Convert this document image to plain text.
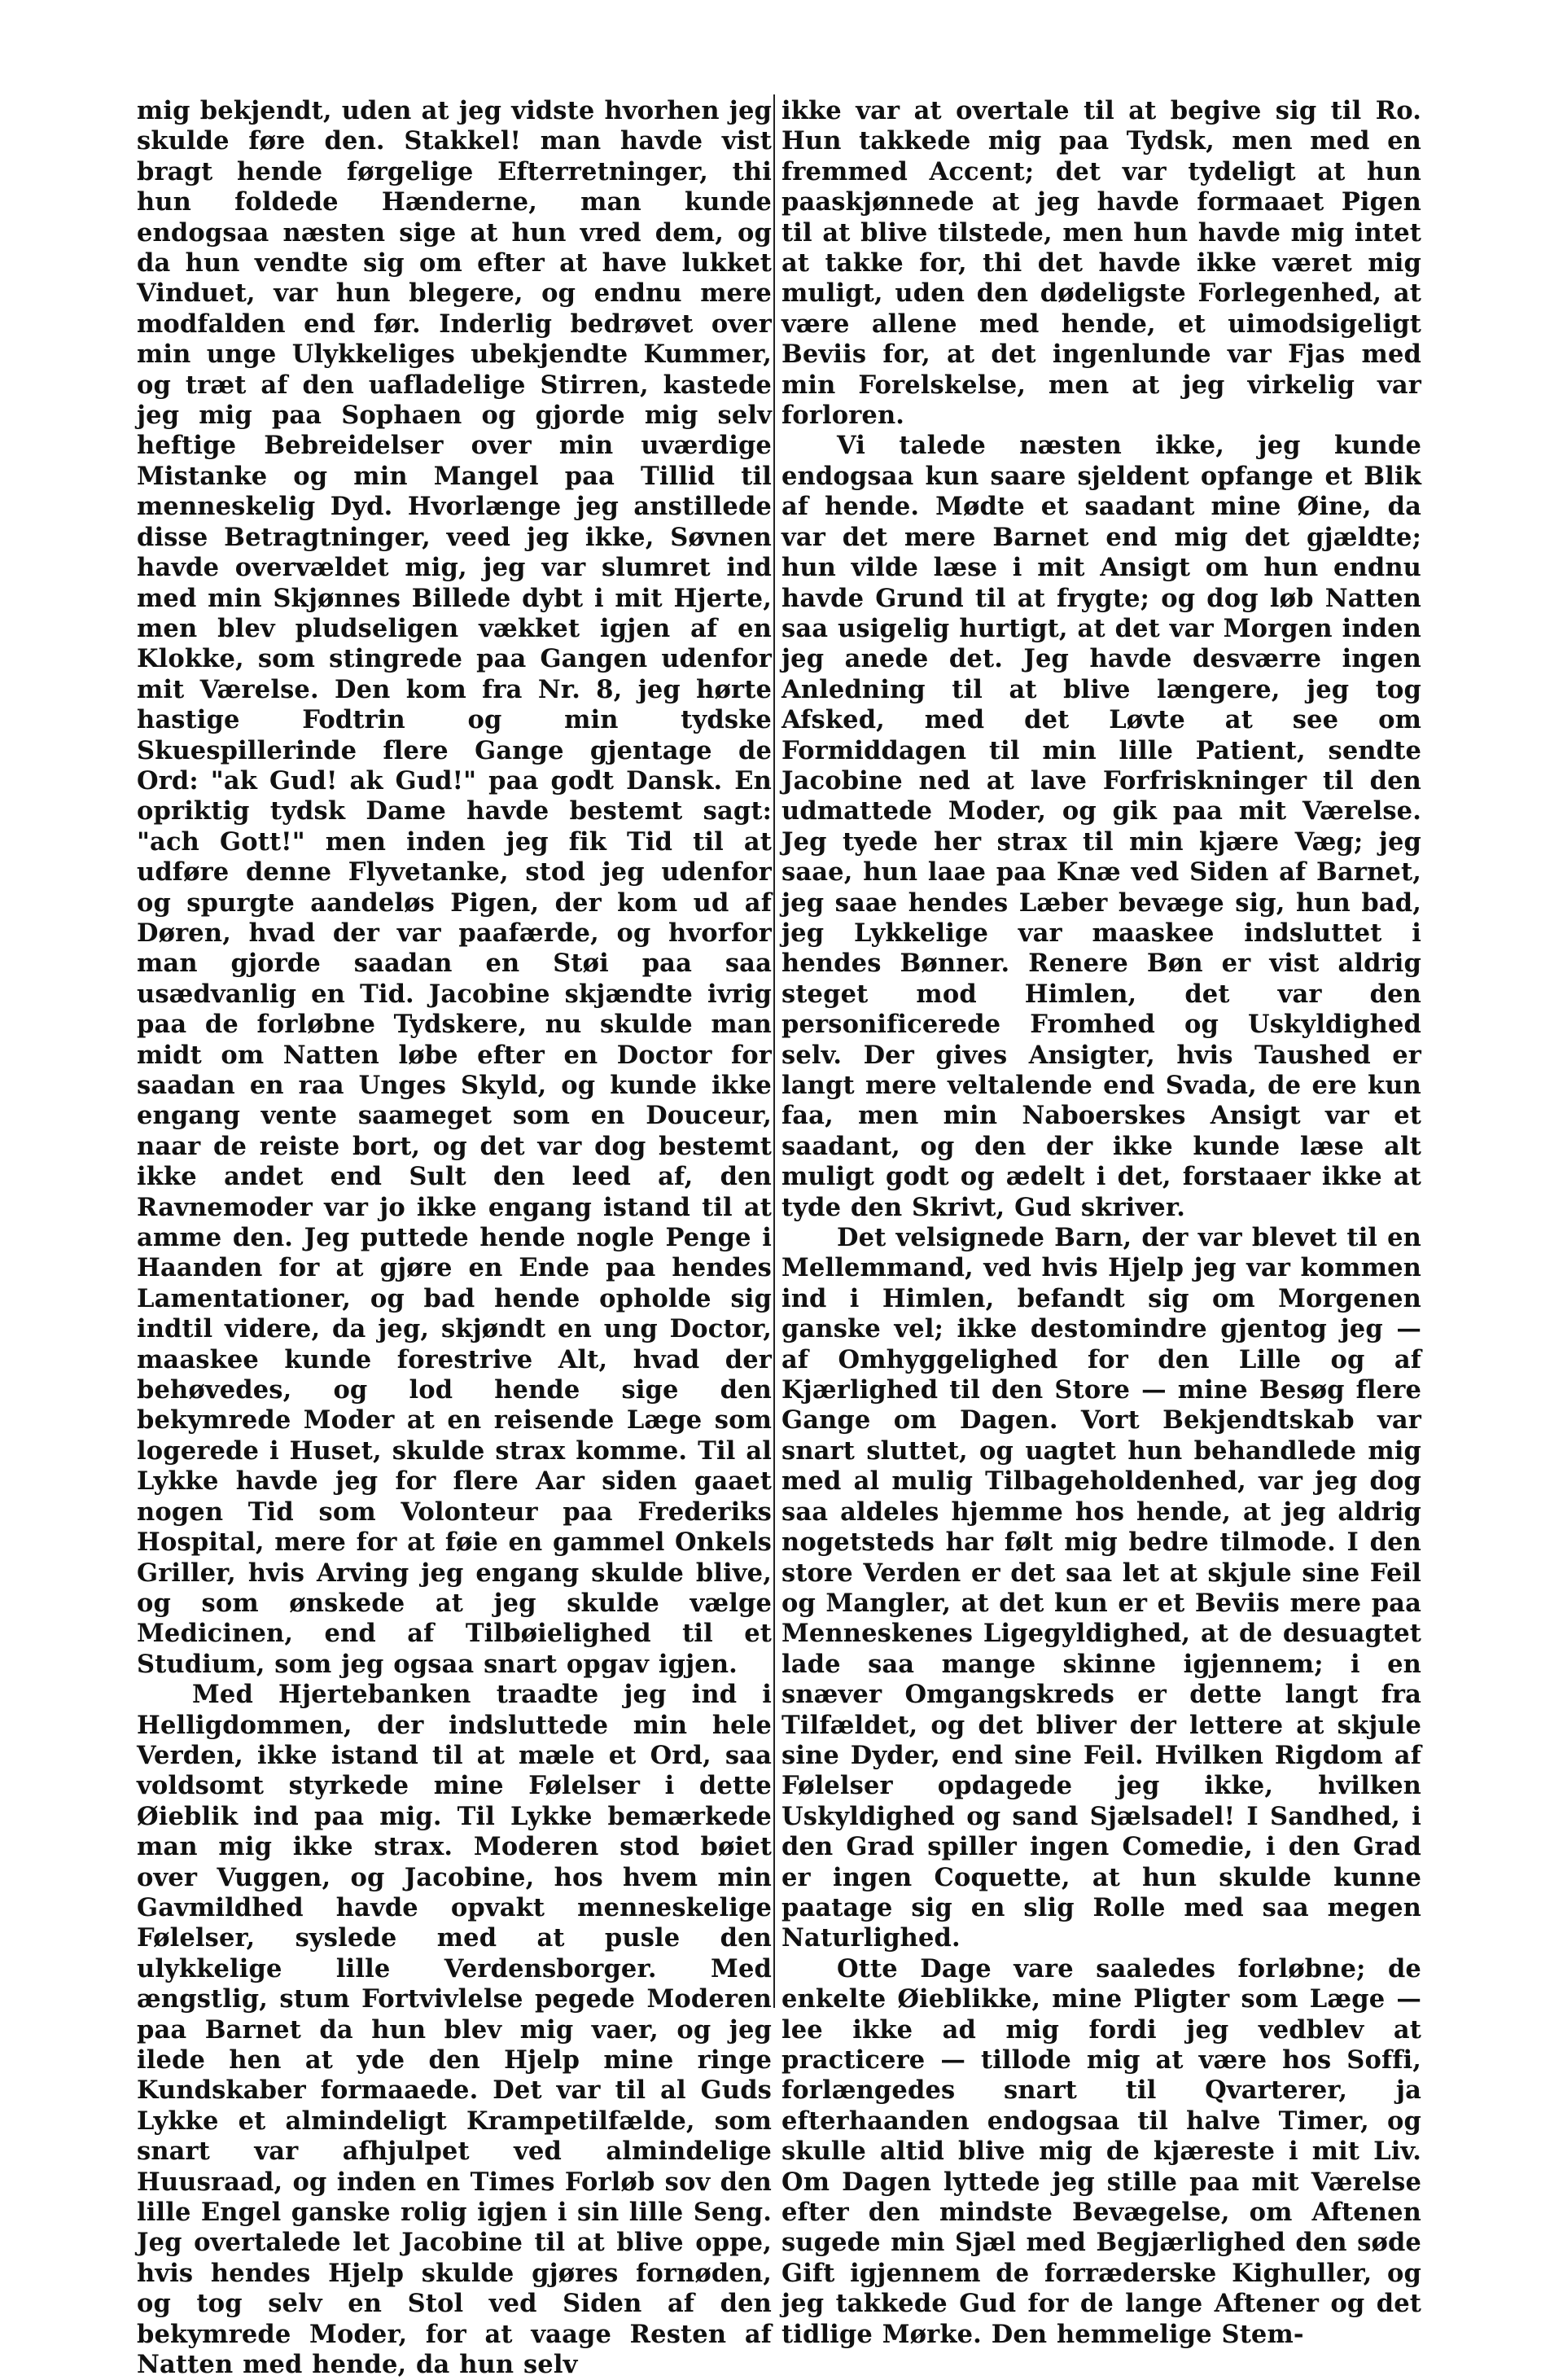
mig bekjendt, uden at jeg vidste hvorhen jeg skulde føre den. Stakkel! man havde vist bragt hende førgelige Efterretninger, thi hun foldede Hænderne, man kunde endogsaa næsten sige at hun vred dem, og da hun vendte sig om efter at have lukket Vinduet, var hun blegere, og endnu mere modfalden end før. Inderlig bedrøvet over min unge Ulykkeliges ubekjendte Kummer, og træt af den uafladelige Stirren, kastede jeg mig paa Sophaen og gjorde mig selv heftige Bebreidelser over min uværdige Mistanke og min Mangel paa Tillid til menneskelig Dyd. Hvorlænge jeg anstillede disse Betragtninger, veed jeg ikke, Søvnen havde overvældet mig, jeg var slumret ind med min Skjønnes Billede dybt i mit Hjerte, men blev pludseligen vækket igjen af en Klokke, som stingrede paa Gangen udenfor mit Værelse. Den kom fra Nr. 8, jeg hørte hastige Fodtrin og min tydske Skuespillerinde flere Gange gjentage de Ord: "ak Gud! ak Gud!" paa godt Dansk. En opriktig tydsk Dame havde bestemt sagt: "ach Gott!" men inden jeg fik Tid til at udføre denne Flyvetanke, stod jeg udenfor og spurgte aandeløs Pigen, der kom ud af Døren, hvad der var paafærde, og hvorfor man gjorde saadan en Støi paa saa usædvanlig en Tid. Jacobine skjændte ivrig paa de forløbne Tydskere, nu skulde man midt om Natten løbe efter en Doctor for saadan en raa Unges Skyld, og kunde ikke engang vente saameget som en Douceur, naar de reiste bort, og det var dog bestemt ikke andet end Sult den leed af, den Ravnemoder var jo ikke engang istand til at amme den. Jeg puttede hende nogle Penge i Haanden for at gjøre en Ende paa hendes Lamentationer, og bad hende opholde sig indtil videre, da jeg, skjøndt en ung Doctor, maaskee kunde forestrive Alt, hvad der behøvedes, og lod hende sige den bekymrede Moder at en reisende Læge som logerede i Huset, skulde strax komme. Til al Lykke havde jeg for flere Aar siden gaaet nogen Tid som Volonteur paa Frederiks Hospital, mere for at føie en gammel Onkels Griller, hvis Arving jeg engang skulde blive, og som ønskede at jeg skulde vælge Medicinen, end af Tilbøielighed til et Studium, som jeg ogsaa snart opgav igjen.

Med Hjertebanken traadte jeg ind i Helligdommen, der indsluttede min hele Verden, ikke istand til at mæle et Ord, saa voldsomt styrkede mine Følelser i dette Øieblik ind paa mig. Til Lykke bemærkede man mig ikke strax. Moderen stod bøiet over Vuggen, og Jacobine, hos hvem min Gavmildhed havde opvakt menneskelige Følelser, syslede med at pusle den ulykkelige lille Verdensborger. Med ængstlig, stum Fortvivlelse pegede Moderen paa Barnet da hun blev mig vaer, og jeg ilede hen at yde den Hjelp mine ringe Kundskaber formaaede. Det var til al Guds Lykke et almindeligt Krampetilfælde, som snart var afhjulpet ved almindelige Huusraad, og inden en Times Forløb sov den lille Engel ganske rolig igjen i sin lille Seng. Jeg overtalede let Jacobine til at blive oppe, hvis hendes Hjelp skulde gjøres fornøden, og tog selv en Stol ved Siden af den bekymrede Moder, for at vaage Resten af Natten med hende, da hun selv

ikke var at overtale til at begive sig til Ro. Hun takkede mig paa Tydsk, men med en fremmed Accent; det var tydeligt at hun paaskjønnede at jeg havde formaaet Pigen til at blive tilstede, men hun havde mig intet at takke for, thi det havde ikke været mig muligt, uden den dødeligste Forlegenhed, at være allene med hende, et uimodsigeligt Beviis for, at det ingenlunde var Fjas med min Forelskelse, men at jeg virkelig var forloren.

Vi talede næsten ikke, jeg kunde endogsaa kun saare sjeldent opfange et Blik af hende. Mødte et saadant mine Øine, da var det mere Barnet end mig det gjældte; hun vilde læse i mit Ansigt om hun endnu havde Grund til at frygte; og dog løb Natten saa usigelig hurtigt, at det var Morgen inden jeg anede det. Jeg havde desværre ingen Anledning til at blive længere, jeg tog Afsked, med det Løvte at see om Formiddagen til min lille Patient, sendte Jacobine ned at lave Forfriskninger til den udmattede Moder, og gik paa mit Værelse. Jeg tyede her strax til min kjære Væg; jeg saae, hun laae paa Knæ ved Siden af Barnet, jeg saae hendes Læber bevæge sig, hun bad, jeg Lykkelige var maaskee indsluttet i hendes Bønner. Renere Bøn er vist aldrig steget mod Himlen, det var den personificerede Fromhed og Uskyldighed selv. Der gives Ansigter, hvis Taushed er langt mere veltalende end Svada, de ere kun faa, men min Naboerskes Ansigt var et saadant, og den der ikke kunde læse alt muligt godt og ædelt i det, forstaaer ikke at tyde den Skrivt, Gud skriver.

Det velsignede Barn, der var blevet til en Mellemmand, ved hvis Hjelp jeg var kommen ind i Himlen, befandt sig om Morgenen ganske vel; ikke destomindre gjentog jeg — af Omhyggelighed for den Lille og af Kjærlighed til den Store — mine Besøg flere Gange om Dagen. Vort Bekjendtskab var snart sluttet, og uagtet hun behandlede mig med al mulig Tilbageholdenhed, var jeg dog saa aldeles hjemme hos hende, at jeg aldrig nogetsteds har følt mig bedre tilmode. I den store Verden er det saa let at skjule sine Feil og Mangler, at det kun er et Beviis mere paa Menneskenes Ligegyldighed, at de desuagtet lade saa mange skinne igjennem; i en snæver Omgangskreds er dette langt fra Tilfældet, og det bliver der lettere at skjule sine Dyder, end sine Feil. Hvilken Rigdom af Følelser opdagede jeg ikke, hvilken Uskyldighed og sand Sjælsadel! I Sandhed, i den Grad spiller ingen Comedie, i den Grad er ingen Coquette, at hun skulde kunne paatage sig en slig Rolle med saa megen Naturlighed.

Otte Dage vare saaledes forløbne; de enkelte Øieblikke, mine Pligter som Læge — lee ikke ad mig fordi jeg vedblev at practicere — tillode mig at være hos Soffi, forlængedes snart til Qvarterer, ja efterhaanden endogsaa til halve Timer, og skulle altid blive mig de kjæreste i mit Liv. Om Dagen lyttede jeg stille paa mit Værelse efter den mindste Bevægelse, om Aftenen sugede min Sjæl med Begjærlighed den søde Gift igjennem de forræderske Kighuller, og jeg takkede Gud for de lange Aftener og det tidlige Mørke. Den hemmelige Stem-
